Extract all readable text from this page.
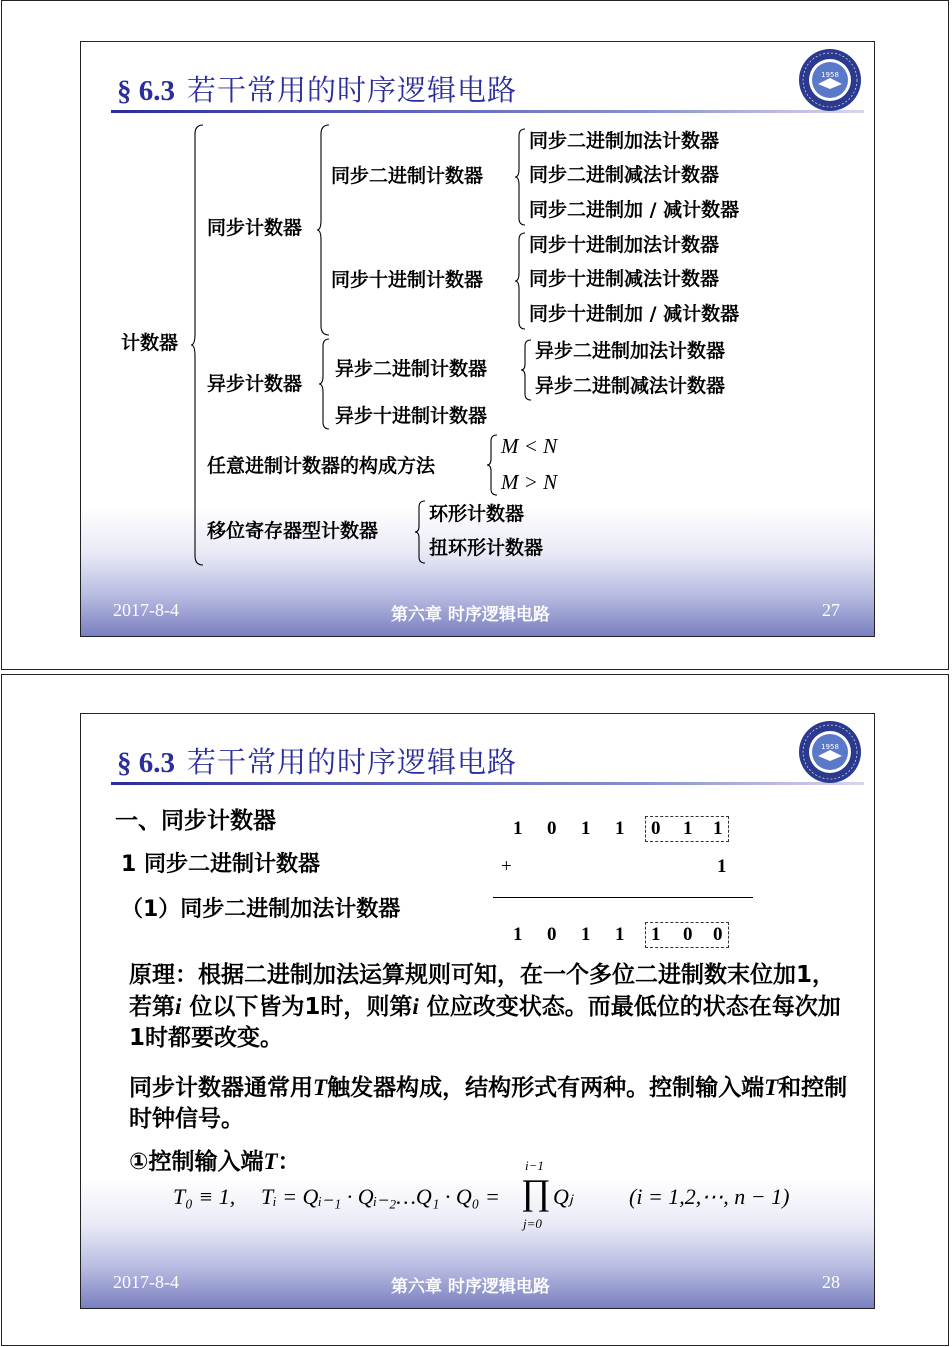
§ 6.3 若干常用的时序逻辑电路	1958
计数器
同步计数器
同步二进制计数器
同步二进制加法计数器
同步二进制减法计数器
同步二进制加 / 减计数器
同步十进制计数器
同步十进制加法计数器
同步十进制减法计数器
同步十进制加 / 减计数器
异步计数器
异步二进制计数器
异步二进制加法计数器
异步二进制减法计数器
异步十进制计数器
任意进制计数器的构成方法
M < N
M > N
移位寄存器型计数器
环形计数器
扭环形计数器
2017-8-4	第六章 时序逻辑电路	27
§ 6.3 若干常用的时序逻辑电路	1958
一、同步计数器
1 同步二进制计数器
（1）同步二进制加法计数器
1 0 1 1 0 1 1
+	1
1 0 1 1 1 0 0
原理：根据二进制加法运算规则可知，在一个多位二进制数末位加1，若第i 位以下皆为1时，则第i 位应改变状态。而最低位的状态在每次加1时都要改变。
同步计数器通常用T触发器构成，结构形式有两种。控制输入端T和控制时钟信号。
①控制输入端T：
T₀ ≡ 1, Tᵢ = Qᵢ₋₁ · Qᵢ₋₂…Q₁ · Q₀ =
i−1
∏
j=0
Qⱼ	(i = 1,2,⋯, n − 1)
2017-8-4	第六章 时序逻辑电路	28
